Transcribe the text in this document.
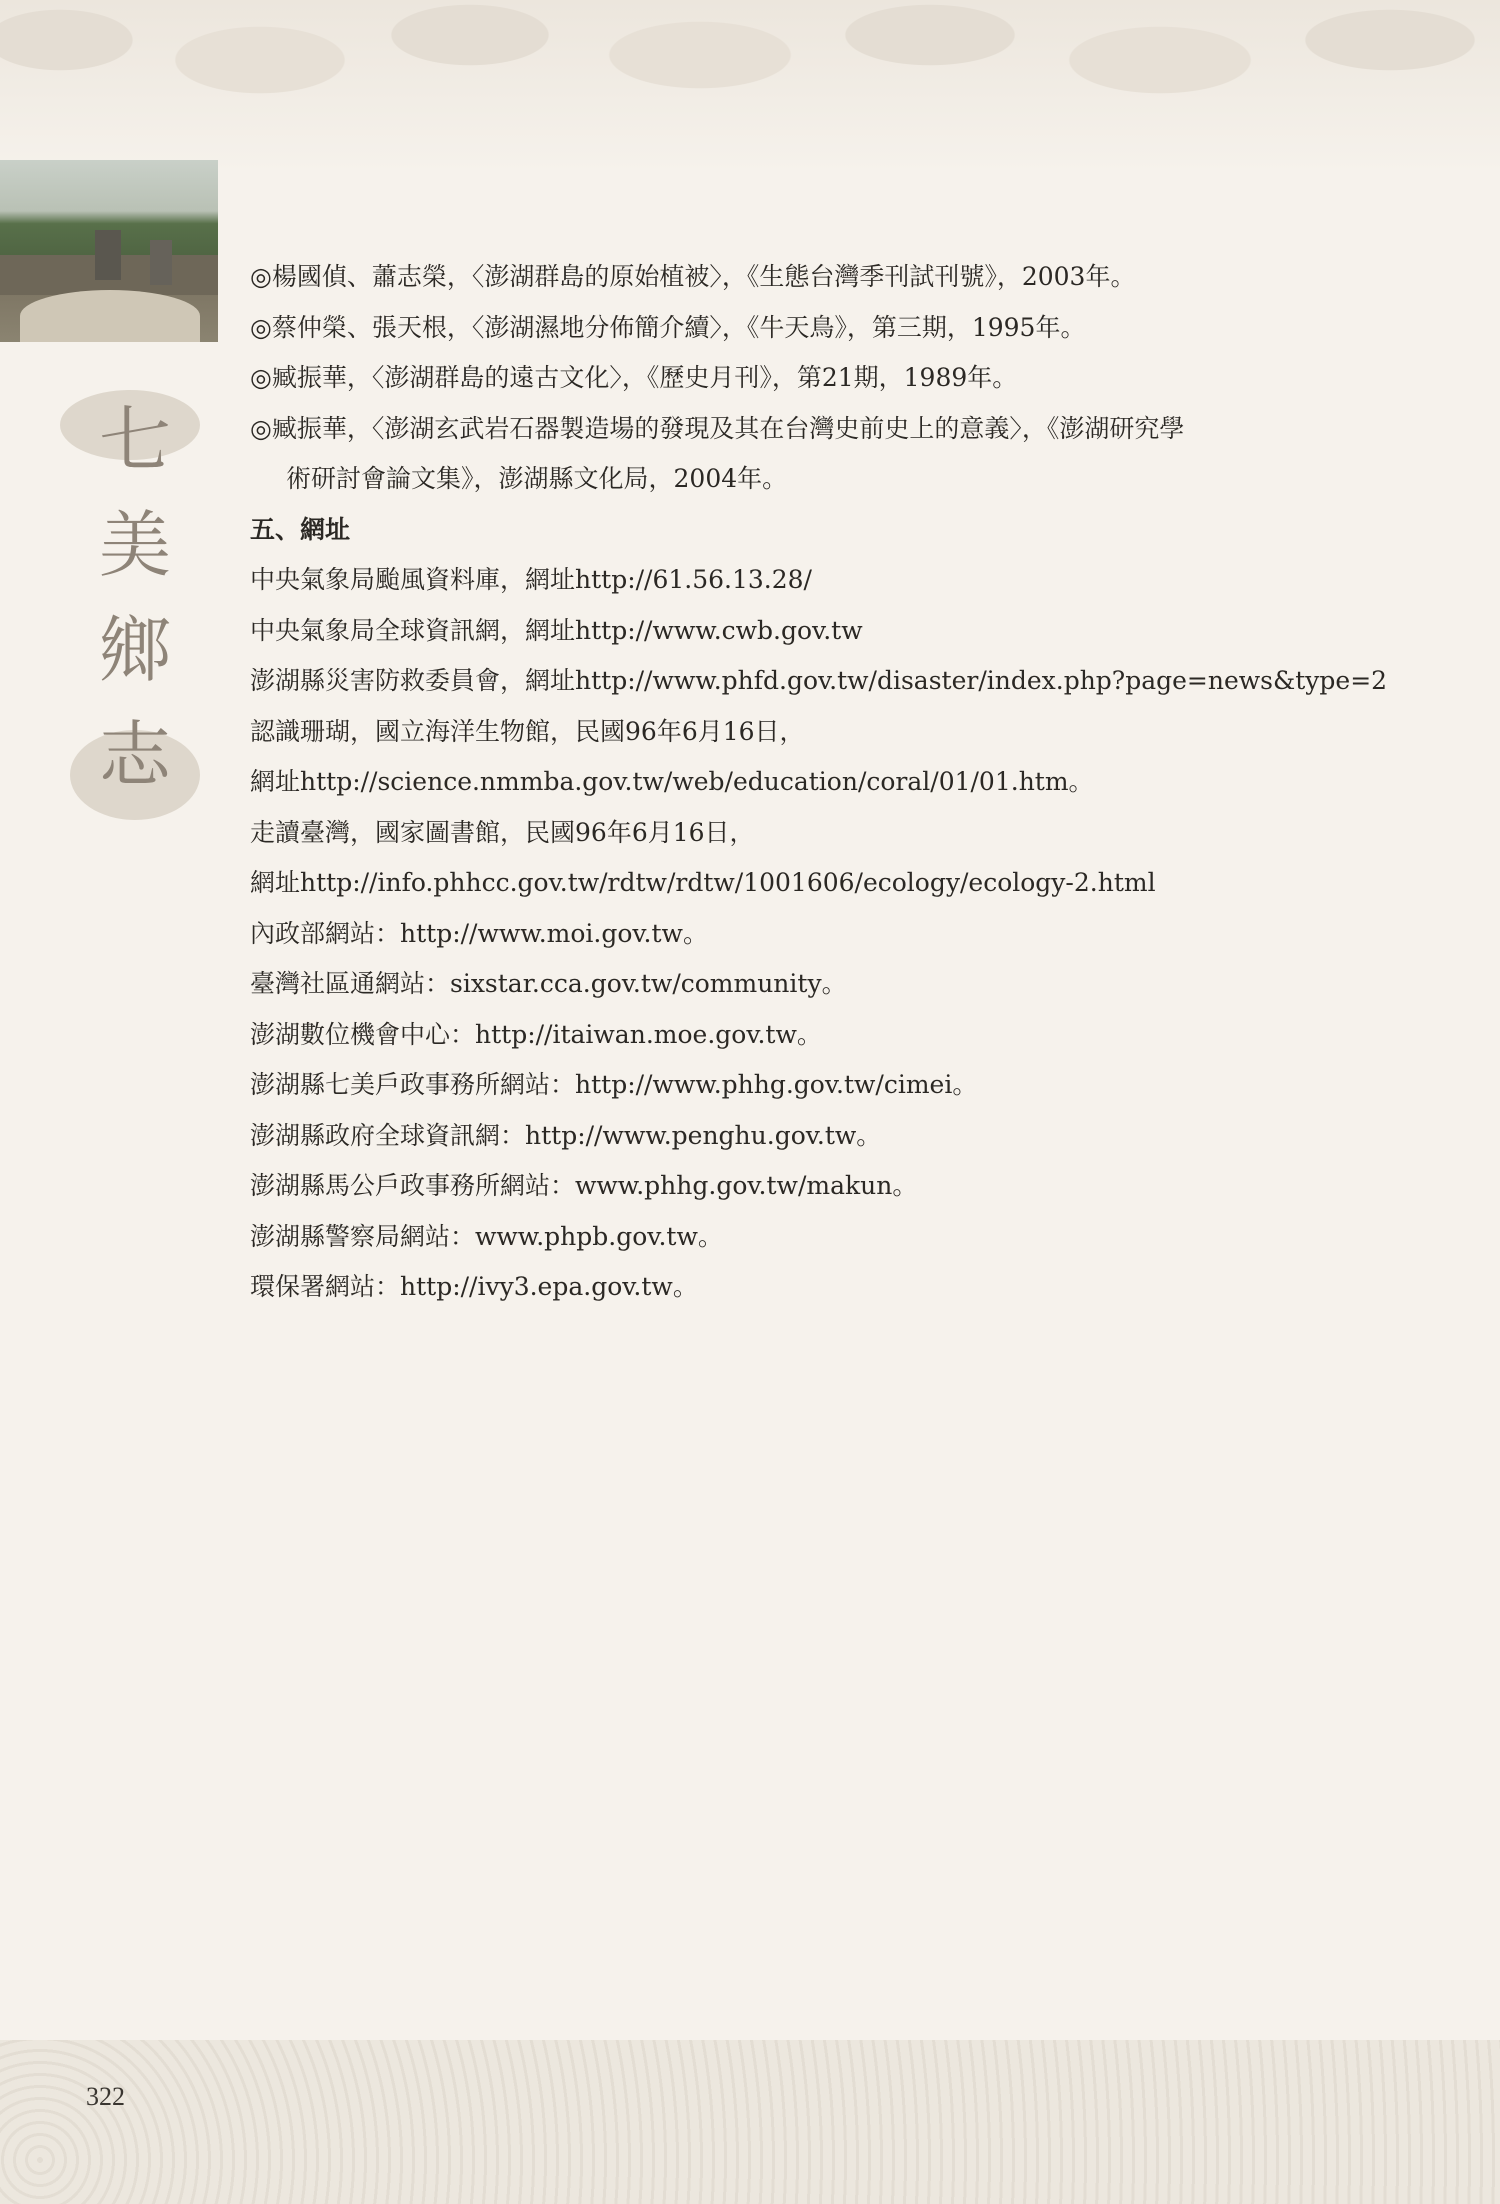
七
美
鄉
志
◎楊國偵、蕭志榮，〈澎湖群島的原始植被〉，《生態台灣季刊試刊號》，2003年。
◎蔡仲榮、張天根，〈澎湖濕地分佈簡介續〉，《牛天鳥》，第三期，1995年。
◎臧振華，〈澎湖群島的遠古文化〉，《歷史月刊》，第21期，1989年。
◎臧振華，〈澎湖玄武岩石器製造場的發現及其在台灣史前史上的意義〉，《澎湖研究學
術研討會論文集》，澎湖縣文化局，2004年。
五、網址
中央氣象局颱風資料庫，網址http://61.56.13.28/
中央氣象局全球資訊網，網址http://www.cwb.gov.tw
澎湖縣災害防救委員會，網址http://www.phfd.gov.tw/disaster/index.php?page=news&type=2
認識珊瑚，國立海洋生物館，民國96年6月16日，
網址http://science.nmmba.gov.tw/web/education/coral/01/01.htm。
走讀臺灣，國家圖書館，民國96年6月16日，
網址http://info.phhcc.gov.tw/rdtw/rdtw/1001606/ecology/ecology-2.html
內政部網站：http://www.moi.gov.tw。
臺灣社區通網站：sixstar.cca.gov.tw/community。
澎湖數位機會中心：http://itaiwan.moe.gov.tw。
澎湖縣七美戶政事務所網站：http://www.phhg.gov.tw/cimei。
澎湖縣政府全球資訊網：http://www.penghu.gov.tw。
澎湖縣馬公戶政事務所網站：www.phhg.gov.tw/makun。
澎湖縣警察局網站：www.phpb.gov.tw。
環保署網站：http://ivy3.epa.gov.tw。
322
